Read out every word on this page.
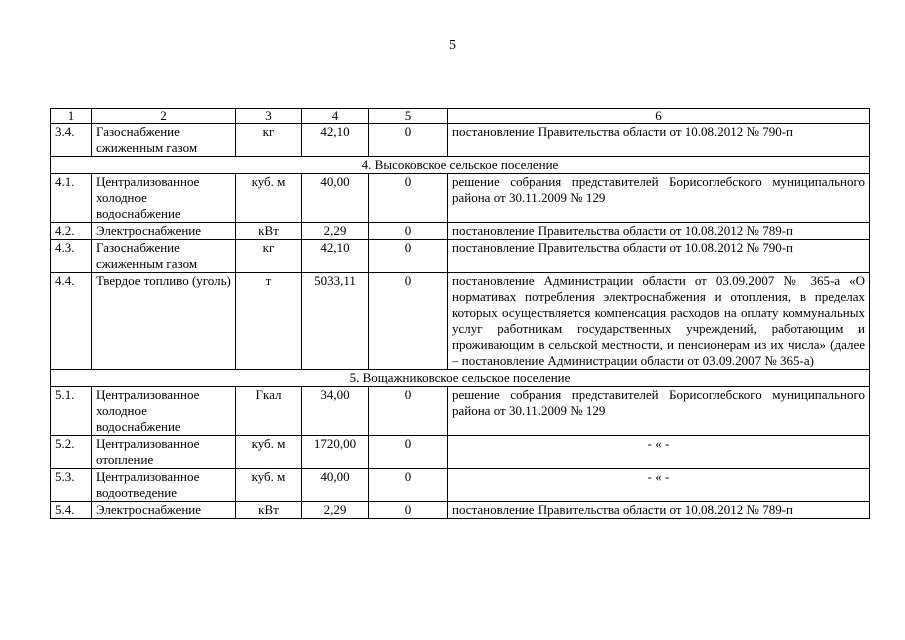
5
1	2	3	4	5	6
3.4.	Газоснабжение сжиженным газом	кг	42,10	0	постановление Правительства области от 10.08.2012 № 790-п
4. Высоковское сельское поселение					
4.1.	Централизованное холодное водоснабжение	куб. м	40,00	0	решение собрания представителей Борисоглебского муниципального района от 30.11.2009 № 129
4.2.	Электроснабжение	кВт	2,29	0	постановление Правительства области от 10.08.2012 № 789-п
4.3.	Газоснабжение сжиженным газом	кг	42,10	0	постановление Правительства области от 10.08.2012 № 790-п
4.4.	Твердое топливо (уголь)	т	5033,11	0	постановление Администрации области от 03.09.2007 № 365-а «О нормативах потребления электроснабжения и отопления, в пределах которых осуществляется компенсация расходов на оплату коммунальных услуг работникам государственных учреждений, работающим и проживающим в сельской местности, и пенсионерам из их числа» (далее – постановление Администрации области от 03.09.2007 № 365-а)
5. Вощажниковское сельское поселение					
5.1.	Централизованное холодное водоснабжение	Гкал	34,00	0	решение собрания представителей Борисоглебского муниципального района от 30.11.2009 № 129
5.2.	Централизованное отопление	куб. м	1720,00	0	- « -
5.3.	Централизованное водоотведение	куб. м	40,00	0	- « -
5.4.	Электроснабжение	кВт	2,29	0	постановление Правительства области от 10.08.2012 № 789-п
